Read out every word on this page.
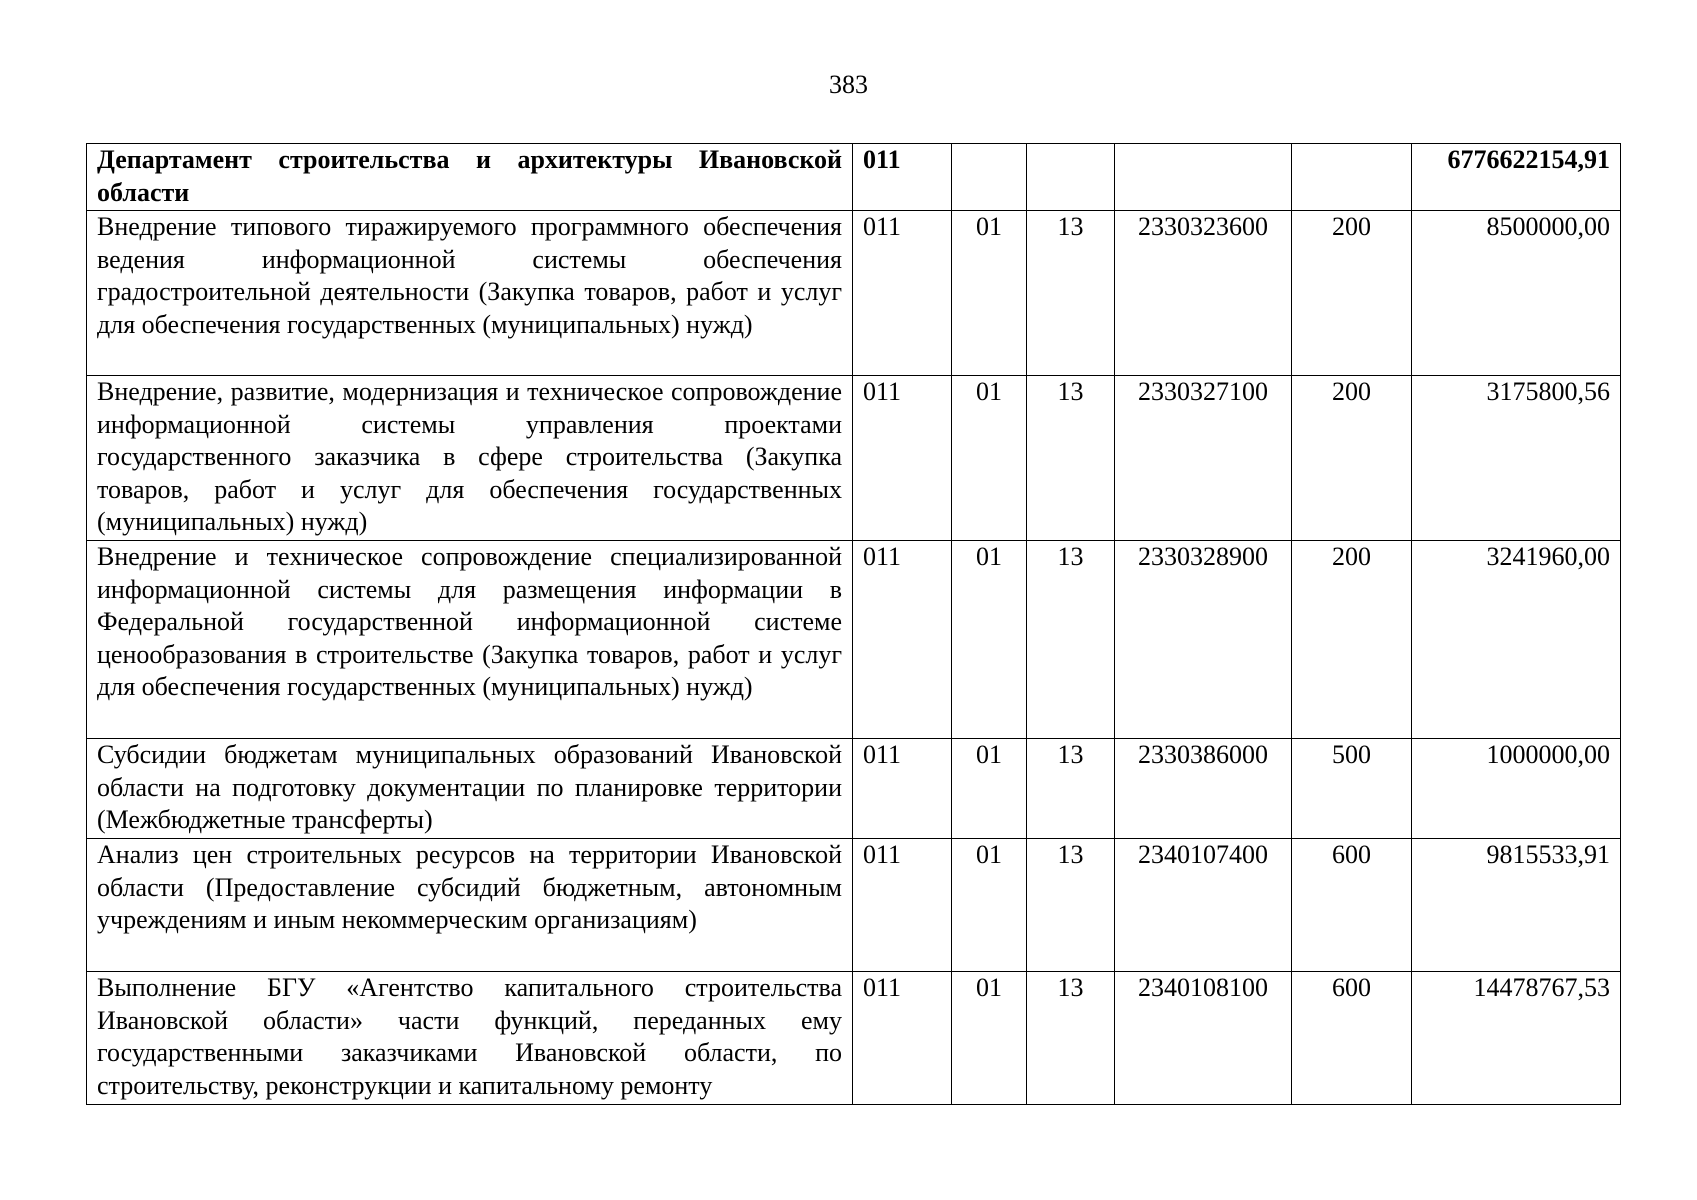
383
Департамент строительства и архитектуры Ивановской области	011					6776622154,91
Внедрение типового тиражируемого программного обеспечения ведения информационной системы обеспечения градостроительной деятельности (Закупка товаров, работ и услуг для обеспечения государственных (муниципальных) нужд)	011	01	13	2330323600	200	8500000,00
Внедрение, развитие, модернизация и техническое сопровождение информационной системы управления проектами государственного заказчика в сфере строительства (Закупка товаров, работ и услуг для обеспечения государственных (муниципальных) нужд)	011	01	13	2330327100	200	3175800,56
Внедрение и техническое сопровождение специализированной информационной системы для размещения информации в Федеральной государственной информационной системе ценообразования в строительстве (Закупка товаров, работ и услуг для обеспечения государственных (муниципальных) нужд)	011	01	13	2330328900	200	3241960,00
Субсидии бюджетам муниципальных образований Ивановской области на подготовку документации по планировке территории (Межбюджетные трансферты)	011	01	13	2330386000	500	1000000,00
Анализ цен строительных ресурсов на территории Ивановской области (Предоставление субсидий бюджетным, автономным учреждениям и иным некоммерческим организациям)	011	01	13	2340107400	600	9815533,91
Выполнение БГУ «Агентство капитального строительства Ивановской области» части функций, переданных ему государственными заказчиками Ивановской области, по строительству, реконструкции и капитальному ремонту	011	01	13	2340108100	600	14478767,53
